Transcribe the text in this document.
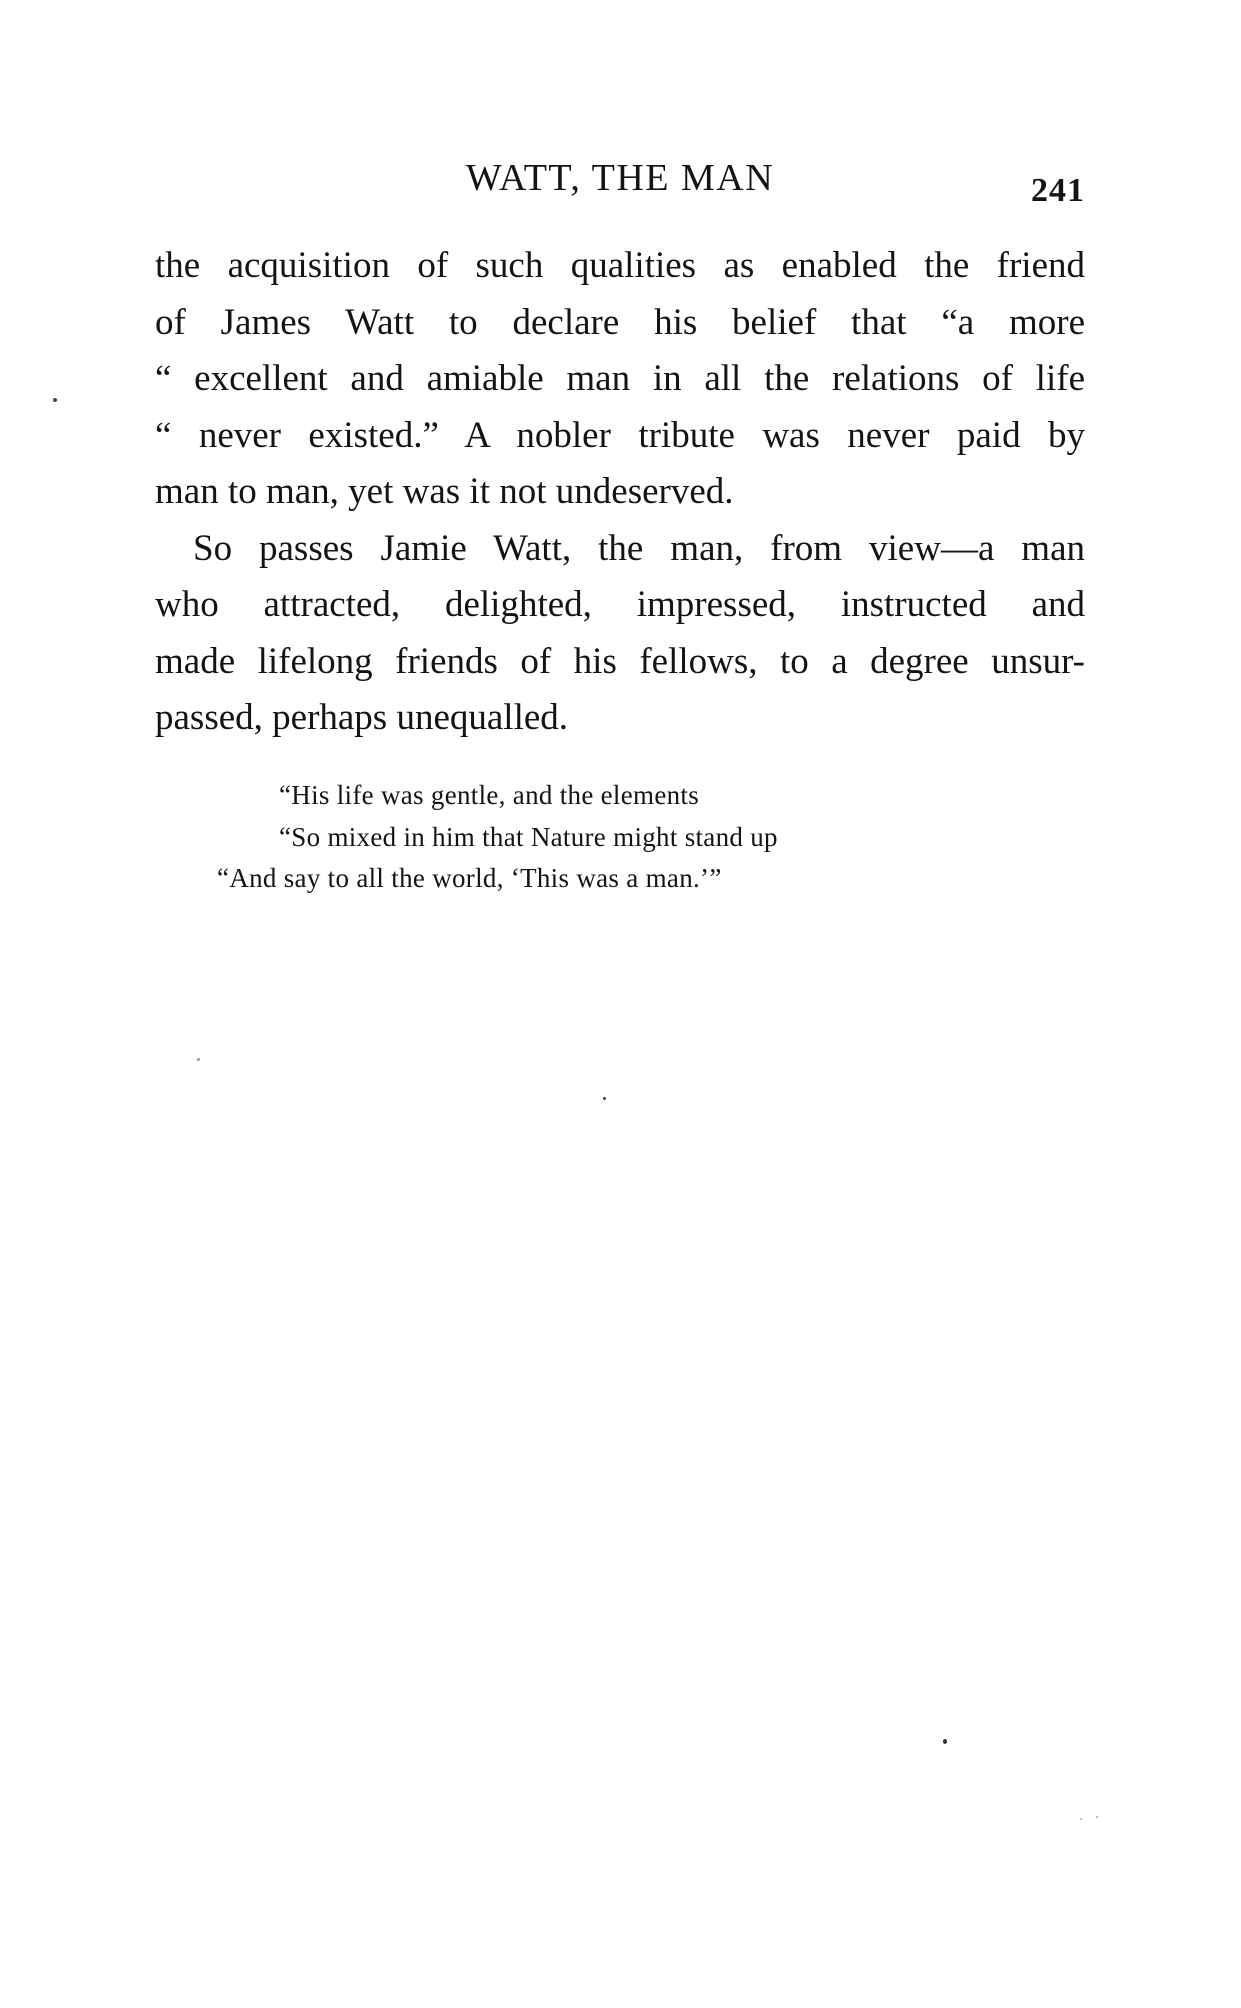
WATT, THE MAN	241
the acquisition of such qualities as enabled the friend
of James Watt to declare his belief that “a more
“ excellent and amiable man in all the relations of life
“ never existed.” A nobler tribute was never paid by
man to man, yet was it not undeserved.
So passes Jamie Watt, the man, from view—a man
who attracted, delighted, impressed, instructed and
made lifelong friends of his fellows, to a degree unsur-
passed, perhaps unequalled.
“His life was gentle, and the elements
“So mixed in him that Nature might stand up
“And say to all the world, ‘This was a man.’”
